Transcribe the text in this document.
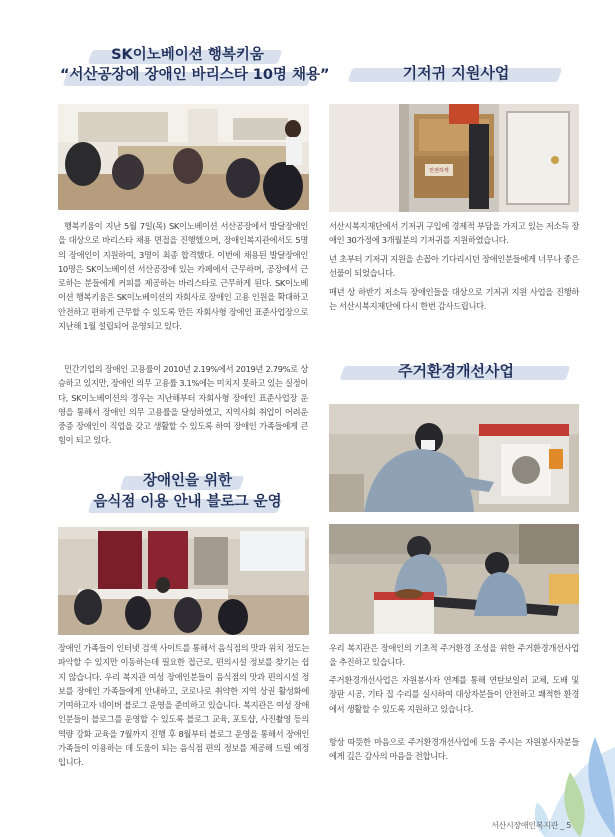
SK이노베이션 행복키움
“서산공장에 장애인 바리스타 10명 채용”

행복키움이 지난 5월 7일(목) SK이노베이션 서산공장에서 발달장애인을 대상으로 바리스타 채용 면접을 진행했으며, 장애인복지관에서도 5명의 장애인이 지원하여, 3명이 최종 합격했다. 이번에 채용된 발달장애인 10명은 SK이노베이션 서산공장에 있는 카페에서 근무하며, 공장에서 근로하는 분들에게 커피를 제공하는 바리스타로 근무하게 된다. SK이노베이션 행복키움은 SK이노베이션의 자회사로 장애인 고용 인원을 확대하고 안전하고 편하게 근무할 수 있도록 만든 자회사형 장애인 표준사업장으로 지난해 1월 설립되어 운영되고 있다.

민간기업의 장애인 고용률이 2010년 2.19%에서 2019년 2.79%로 상승하고 있지만, 장애인 의무 고용률 3.1%에는 미치지 못하고 있는 실정이다, SK이노베이션의 경우는 지난해부터 자회사형 장애인 표준사업장 운영을 통해서 장애인 의무 고용률을 달성하였고, 지역사회 취업이 어려운 중증 장애인이 직업을 갖고 생활할 수 있도록 하여 장애인 가족들에게 큰 힘이 되고 있다.

장애인을 위한
음식점 이용 안내 블로그 운영

장애인 가족들이 인터넷 검색 사이트를 통해서 음식점의 맛과 위치 정도는 파악할 수 있지만 이동하는데 필요한 접근로, 편의시설 정보를 찾기는 쉽지 않습니다. 우리 복지관 여성 장애인분들이 음식점의 맛과 편의시설 정보를 장애인 가족들에게 안내하고, 코로나로 취약한 지역 상권 활성화에 기여하고자 네이버 블로그 운영을 준비하고 있습니다. 복지관은 여성 장애인분들이 블로그를 운영할 수 있도록 블로그 교육, 포토샵, 사진촬영 등의 역량 강화 교육을 7월까지 진행 후 8월부터 블로그 운영을 통해서 장애인 가족들이 이용하는 데 도움이 되는 음식점 편의 정보를 제공해 드릴 예정입니다.

기저귀 지원사업
안전하게

서산시복지재단에서 기저귀 구입에 경제적 부담을 가지고 있는 저소득 장애인 30가정에 3개월분의 기저귀를 지원하였습니다.

년 초부터 기저귀 지원을 손꼽아 기다리시던 장애인분들에게 너무나 좋은 선물이 되었습니다.

매년 상 하반기 저소득 장애인들을 대상으로 기저귀 지원 사업을 진행하는 서산시복지재단에 다시 한번 감사드립니다.

주거환경개선사업

우리 복지관은 장애인의 기초적 주거환경 조성을 위한 주거환경개선사업을 추진하고 있습니다.

주거환경개선사업은 자원봉사자 연계를 통해 연탄보일러 교체, 도배 및 장판 시공, 기타 집 수리를 실시하여 대상자분들이 안전하고 쾌적한 환경에서 생활할 수 있도록 지원하고 있습니다.

항상 따뜻한 마음으로 주거환경개선사업에 도움 주시는 자원봉사자분들에게 깊은 감사의 마음을 전합니다.

서산시장애인복지관 _ 5
